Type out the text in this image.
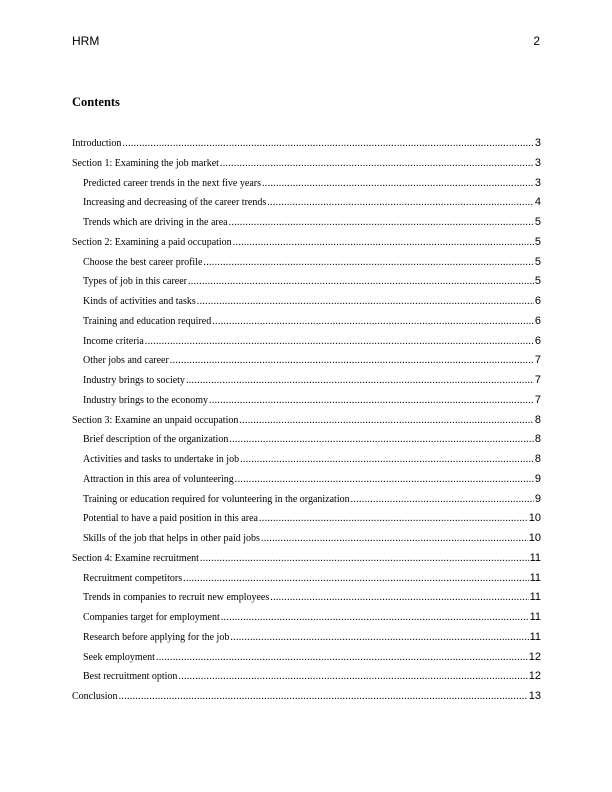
HRM	2
Contents
Introduction .....	3
Section 1: Examining the job market .....	3
Predicted career trends in the next five years .....	3
Increasing and decreasing of the career trends .....	4
Trends which are driving in the area .....	5
Section 2: Examining a paid occupation .....	5
Choose the best career profile .....	5
Types of job in this career .....	5
Kinds of activities and tasks .....	6
Training and education required .....	6
Income criteria .....	6
Other jobs and career .....	7
Industry brings to society .....	7
Industry brings to the economy .....	7
Section 3: Examine an unpaid occupation .....	8
Brief description of the organization .....	8
Activities and tasks to undertake in job .....	8
Attraction in this area of volunteering .....	9
Training or education required for volunteering in the organization .....	9
Potential to have a paid position in this area .....	10
Skills of the job that helps in other paid jobs .....	10
Section 4: Examine recruitment .....	11
Recruitment competitors .....	11
Trends in companies to recruit new employees .....	11
Companies target for employment .....	11
Research before applying for the job .....	11
Seek employment .....	12
Best recruitment option .....	12
Conclusion .....	13
